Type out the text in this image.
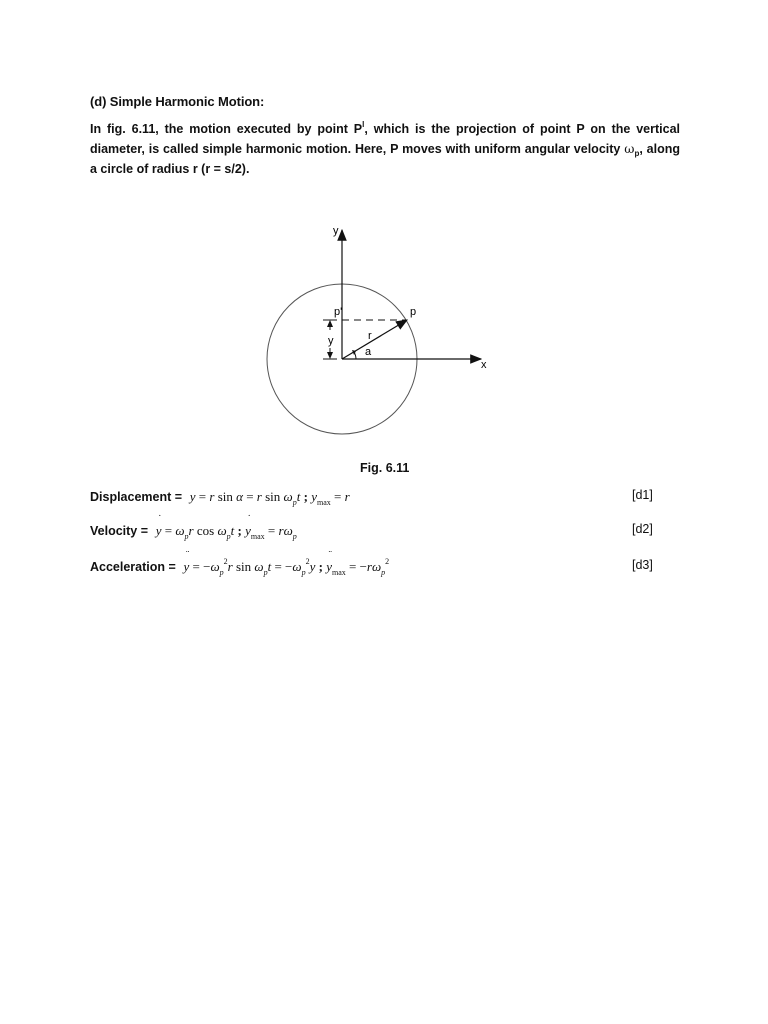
(d) Simple Harmonic Motion:
In fig. 6.11, the motion executed by point $P^l$, which is the projection of point P on the vertical diameter, is called simple harmonic motion. Here, P moves with uniform angular velocity $\omega_p$, along a circle of radius r (r = s/2).
y
x
p'	p
r
y
a
Fig. 6.11
Displacement = y = r sin α = r $\sin \omega_pt$ ; $y_{max} = r$	[d1]
Velocity = ˙ $y = \omega_pr$ $\cos \omega_pt$ ; ˙ $y_{max} = r\omega_p$
[d2]
Acceleration = ¨ $y = -\omega_p^2r$ $\sin \omega_pt = -\omega_p^2y$ ; ¨ $y_{max} = -r\omega_p^2$	[d3]
